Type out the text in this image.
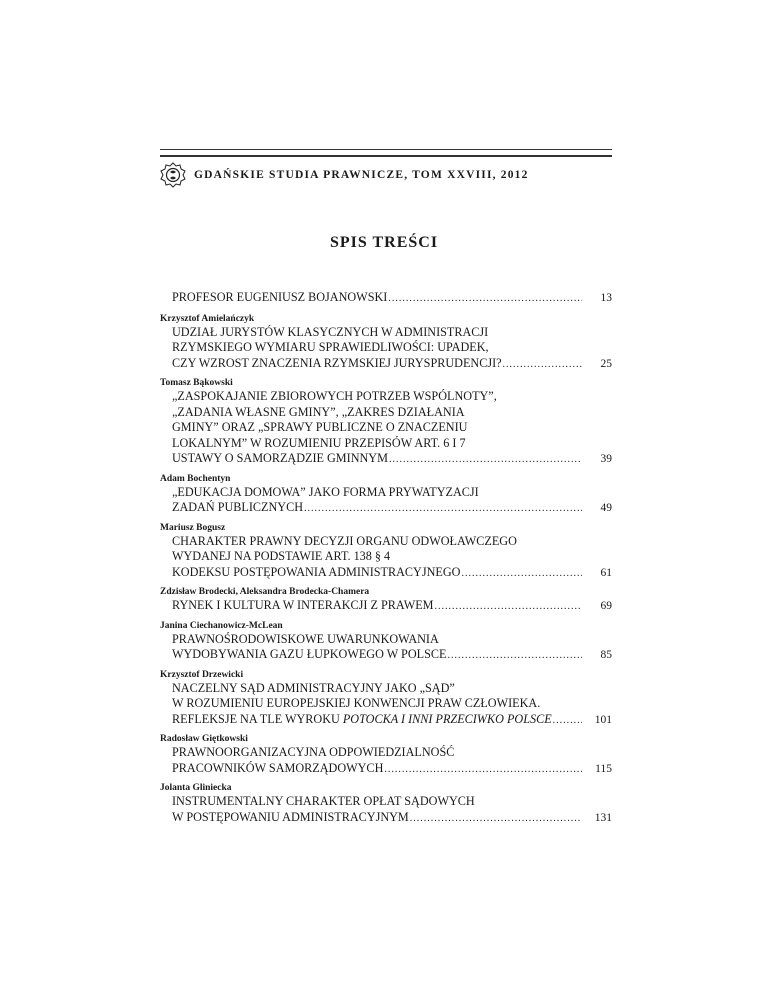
GDAŃSKIE STUDIA PRAWNICZE, TOM XXVIII, 2012
SPIS TREŚCI
PROFESOR EUGENIUSZ BOJANOWSKI .....	13
Krzysztof Amielańczyk
UDZIAŁ JURYSTÓW KLASYCZNYCH W ADMINISTRACJI
RZYMSKIEGO WYMIARU SPRAWIEDLIWOŚCI: UPADEK,
CZY WZROST ZNACZENIA RZYMSKIEJ JURYSPRUDENCJI? .....	25
Tomasz Bąkowski
„ZASPOKAJANIE ZBIOROWYCH POTRZEB WSPÓLNOTY”,
„ZADANIA WŁASNE GMINY”, „ZAKRES DZIAŁANIA
GMINY” ORAZ „SPRAWY PUBLICZNE O ZNACZENIU
LOKALNYM” W ROZUMIENIU PRZEPISÓW ART. 6 I 7
USTAWY O SAMORZĄDZIE GMINNYM .....	39
Adam Bochentyn
„EDUKACJA DOMOWA” JAKO FORMA PRYWATYZACJI
ZADAŃ PUBLICZNYCH .....	49
Mariusz Bogusz
CHARAKTER PRAWNY DECYZJI ORGANU ODWOŁAWCZEGO
WYDANEJ NA PODSTAWIE ART. 138 § 4
KODEKSU POSTĘPOWANIA ADMINISTRACYJNEGO .....	61
Zdzisław Brodecki, Aleksandra Brodecka-Chamera
RYNEK I KULTURA W INTERAKCJI Z PRAWEM .....	69
Janina Ciechanowicz-McLean
PRAWNOŚRODOWISKOWE UWARUNKOWANIA
WYDOBYWANIA GAZU ŁUPKOWEGO W POLSCE .....	85
Krzysztof Drzewicki
NACZELNY SĄD ADMINISTRACYJNY JAKO „SĄD”
W ROZUMIENIU EUROPEJSKIEJ KONWENCJI PRAW CZŁOWIEKA.
REFLEKSJE NA TLE WYROKU POTOCKA I INNI PRZECIWKO POLSCE .....	101
Radosław Giętkowski
PRAWNOORGANIZACYJNA ODPOWIEDZIALNOŚĆ
PRACOWNIKÓW SAMORZĄDOWYCH .....	115
Jolanta Gliniecka
INSTRUMENTALNY CHARAKTER OPŁAT SĄDOWYCH
W POSTĘPOWANIU ADMINISTRACYJNYM .....	131
